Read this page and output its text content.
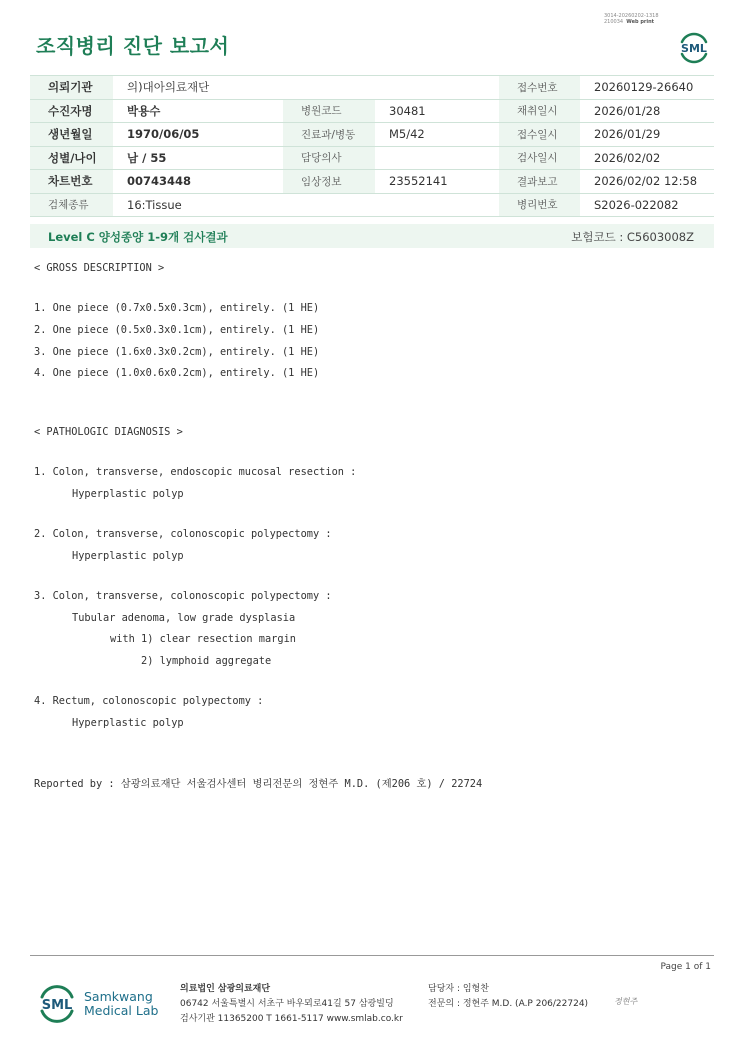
조직병리 진단 보고서
3014-20260202-1318
210034 Web print
SML
의뢰기관	의)대아의료재단			접수번호	20260129-26640
수진자명	박용수	병원코드	30481	채취일시	2026/01/28
생년월일	1970/06/05	진료과/병동	M5/42	접수일시	2026/01/29
성별/나이	남 / 55	담당의사		검사일시	2026/02/02
차트번호	00743448	임상정보	23552141	결과보고	2026/02/02 12:58
검체종류	16:Tissue			병리번호	S2026-022082
Level C 양성종양 1-9개 검사결과	보험코드 : C5603008Z
< GROSS DESCRIPTION >
1. One piece (0.7x0.5x0.3cm), entirely. (1 HE)
2. One piece (0.5x0.3x0.1cm), entirely. (1 HE)
3. One piece (1.6x0.3x0.2cm), entirely. (1 HE)
4. One piece (1.0x0.6x0.2cm), entirely. (1 HE)
< PATHOLOGIC DIAGNOSIS >
1. Colon, transverse, endoscopic mucosal resection :
Hyperplastic polyp
2. Colon, transverse, colonoscopic polypectomy :
Hyperplastic polyp
3. Colon, transverse, colonoscopic polypectomy :
Tubular adenoma, low grade dysplasia
with 1) clear resection margin
2) lymphoid aggregate
4. Rectum, colonoscopic polypectomy :
Hyperplastic polyp
Reported by : 삼광의료재단 서울검사센터 병리전문의 정현주 M.D. (제206 호) / 22724
Page 1 of 1
SML
Samkwang
Medical Lab
의료법인 삼광의료재단
06742 서울특별시 서초구 바우뫼로41길 57 삼광빌딩
검사기관 11365200 T 1661-5117 www.smlab.co.kr
담당자 : 임형찬
전문의 : 정현주 M.D. (A.P 206/22724)	정현주
